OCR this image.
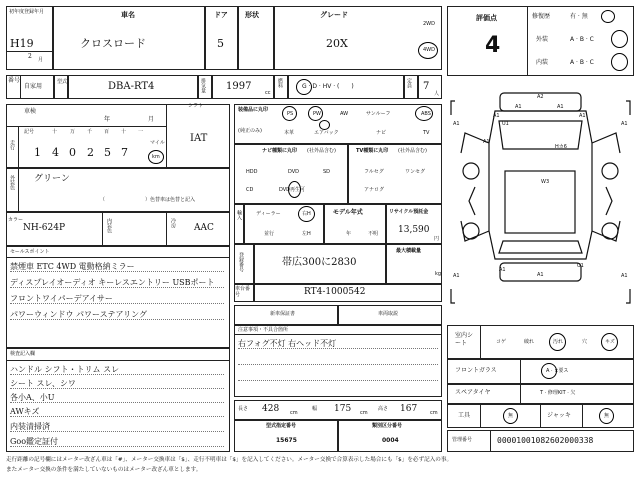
初年度登録年月
H19
2 月
車名
クロスロード
ドア
5
形状	グレード
20X
2WD
4WD
評価点
4
修復歴	有 · 無
外装	A · B · C
内装	A · B · C
番号
自家用
型式	DBA-RT4	排気量 1997
cc
燃料	G · D · HV · (　　)	定員 7
人
車検
年	月
走行
記号	十	万 千 百 十 一
1 4 0 2 5 7
マイル
km
シフト
IAT
外装色 グリーン
（　　　　　　　　）色替車は色替と記入
カラー
NH-624P	内装色	冷房 AAC
セールスポイント
禁煙車 ETC 4WD 電動格納ミラー
ディスプレイオーディオ キーレスエントリー USBポート
フロントワイパーデアイサー
パワーウィンドウ パワーステアリング
検査記入欄
ハンドル シフト・トリム スレ
シート スレ、シワ
各小A、小U
AWキズ
内装清掃済
Goo鑑定証付
装備品に丸印
(純正のみ)
PS	PW	AW	サンルーフ	ABS
本革	エアバック	ナビ	TV
ナビ種類に丸印 (社外品含む)
HDD	DVD	SD
CD	DVD再生可
TV種類に丸印 (社外品含む)
フルセグ	ワンセグ
アナログ
輸入	ディーラー
並行
右H
左H
モデル年式
年	不明
リサイクル預託金
13,590
円
登録番号	帯広300に2830
最大積載量
kg
車台番号	RT4-1000542
新車保証書	車両取説
注意事項・不具合箇所
右フォグ不灯 右ヘッド不灯
長さ 428 cm
幅 175 cm
高さ 167	cm
型式指定番号
15675
類別区分番号
0004
A2
A1	A1
A1	A1
A1	A1
A1
U1
W3
Hカ6
A1	A1
A1
A1
U1
室内シート	コゲ	破れ	汚れ	穴	キズ
フロントガラス	A · ×要ス
スペアタイヤ	T · 修理KIT · 欠
工具	無	ジャッキ	無
管理番号	00001001082602000338
走行距離の記号欄にはメーター改ざん車は「#」、メーター交換車は「$」、走行不明車は「$」を記入してください。メーター交換で合算表示した場合にも「$」を必ず記入の事。
またメーター交換の条件を満たしていないものはメーター改ざん車とします。
